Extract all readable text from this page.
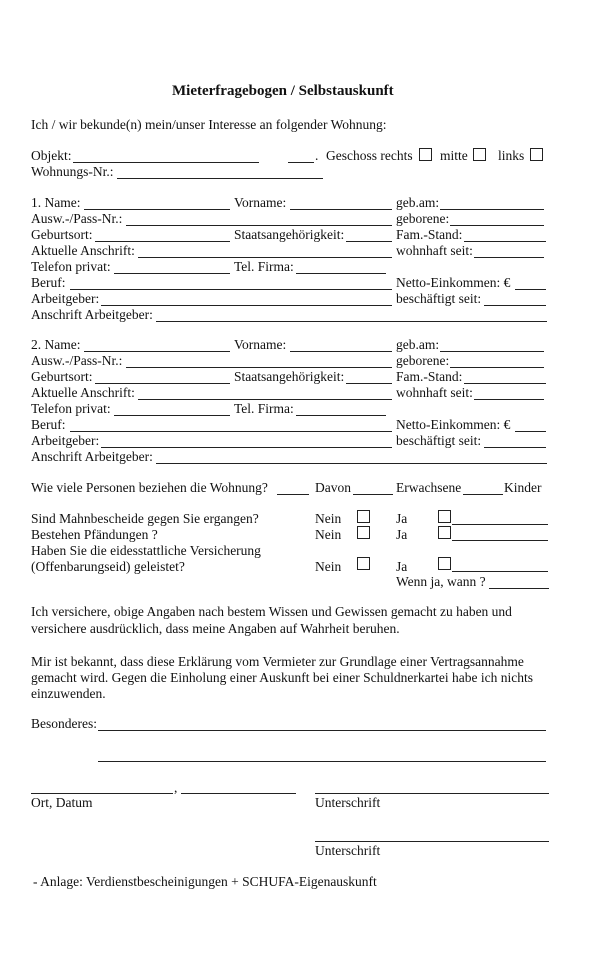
Mieterfragebogen / Selbstauskunft
Ich / wir bekunde(n) mein/unser Interesse an folgender Wohnung:
Objekt:	. Geschoss rechts mitte links
Wohnungs-Nr.:
1. Name:	Vorname:	geb.am:
Ausw.-/Pass-Nr.:	geborene:
Geburtsort:	Staatsangehörigkeit:	Fam.-Stand:
Aktuelle Anschrift:	wohnhaft seit:
Telefon privat:	Tel. Firma:
Beruf:	Netto-Einkommen: €
Arbeitgeber:	beschäftigt seit:
Anschrift Arbeitgeber:
2. Name:	Vorname:	geb.am:
Ausw.-/Pass-Nr.:	geborene:
Geburtsort:	Staatsangehörigkeit:	Fam.-Stand:
Aktuelle Anschrift:	wohnhaft seit:
Telefon privat:	Tel. Firma:
Beruf:	Netto-Einkommen: €
Arbeitgeber:	beschäftigt seit:
Anschrift Arbeitgeber:
Wie viele Personen beziehen die Wohnung?	Davon	Erwachsene	Kinder
Sind Mahnbescheide gegen Sie ergangen?	Nein	Ja
Bestehen Pfändungen ?	Nein	Ja
Haben Sie die eidesstattliche Versicherung
(Offenbarungseid) geleistet?	Nein	Ja
Wenn ja, wann ?
Ich versichere, obige Angaben nach bestem Wissen und Gewissen gemacht zu haben und
versichere ausdrücklich, dass meine Angaben auf Wahrheit beruhen.
Mir ist bekannt, dass diese Erklärung vom Vermieter zur Grundlage einer Vertragsannahme
gemacht wird. Gegen die Einholung einer Auskunft bei einer Schuldnerkartei habe ich nichts
einzuwenden.
Besonderes:
,
Ort, Datum	Unterschrift
Unterschrift
- Anlage: Verdienstbescheinigungen + SCHUFA-Eigenauskunft
